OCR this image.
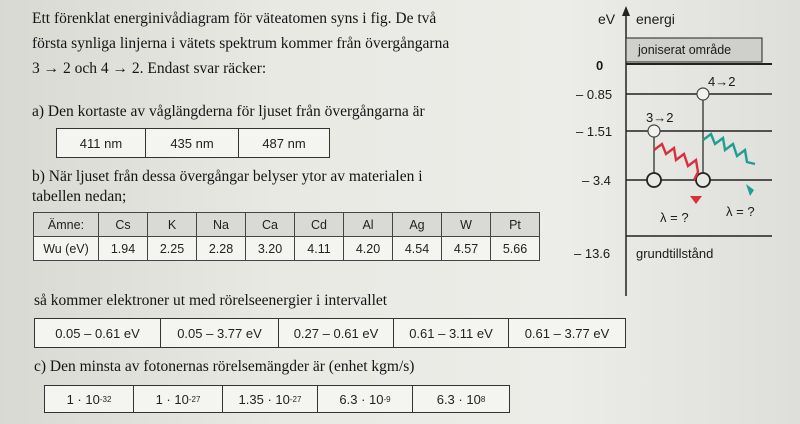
Ett förenklat energinivådiagram för väteatomen syns i fig. De två
första synliga linjerna i vätets spektrum kommer från övergångarna
3 → 2 och 4 → 2. Endast svar räcker:
a) Den kortaste av våglängderna för ljuset från övergångarna är
411 nm	435 nm	487 nm
b) När ljuset från dessa övergångar belyser ytor av materialen i
tabellen nedan;
Ämne:	Cs	K	Na	Ca	Cd	Al	Ag	W	Pt
Wu (eV)	1.94	2.25	2.28	3.20	4.11	4.20	4.54	4.57	5.66
så kommer elektroner ut med rörelseenergier i intervallet
0.05 – 0.61 eV	0.05 – 3.77 eV	0.27 – 0.61 eV	0.61 – 3.11 eV	0.61 – 3.77 eV
c) Den minsta av fotonernas rörelsemängder är (enhet kgm/s)
1 · 10 -32	1 · 10 -27	1.35 · 10 -27	6.3 · 10 -9	6.3 · 10 8
eV energi
joniserat område
0
– 0.85
– 1.51
– 3.4
– 13.6
4→2
3→2
λ = ?	λ = ?
grundtillstånd
